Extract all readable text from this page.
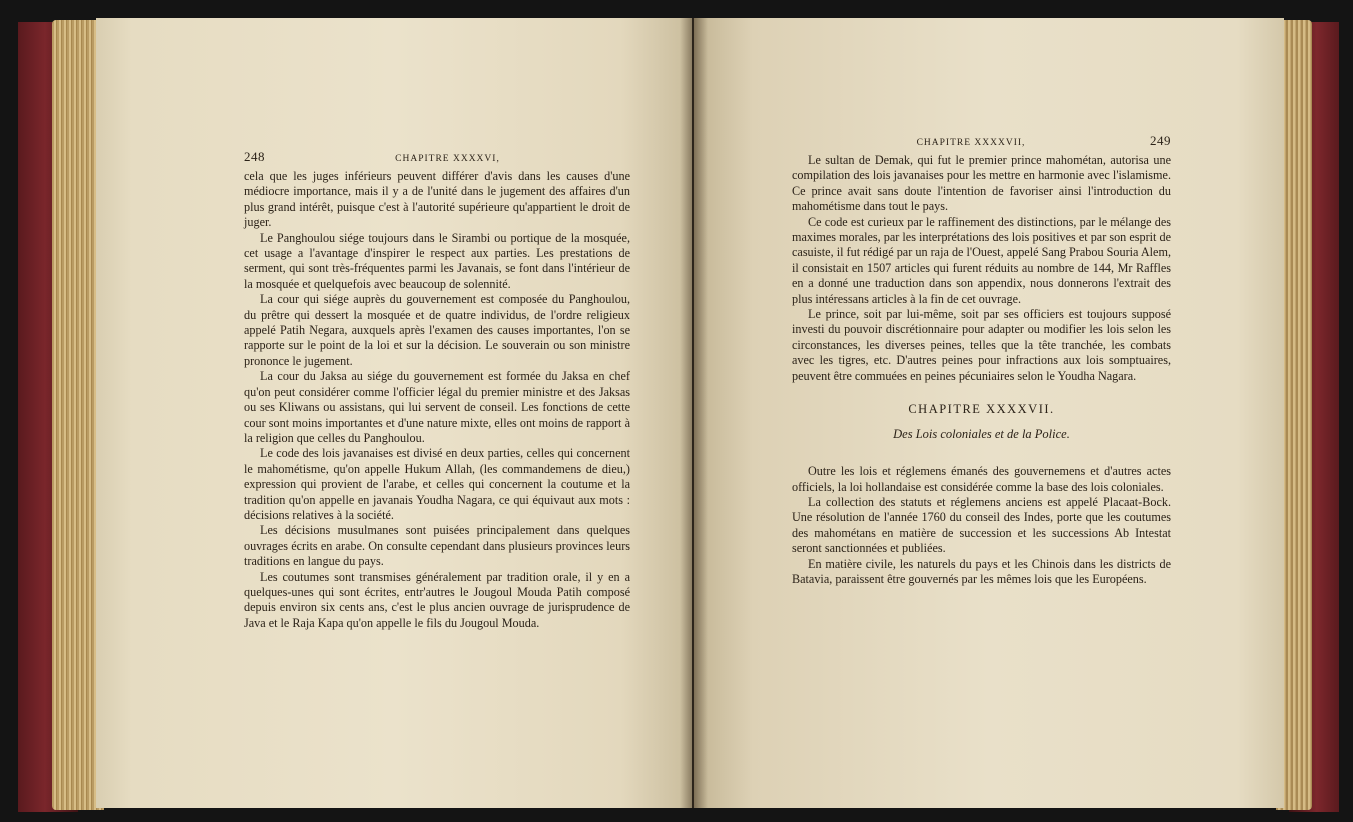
248	CHAPITRE XXXXVI,

cela que les juges inférieurs peuvent différer d'avis dans les causes d'une médiocre importance, mais il y a de l'unité dans le jugement des affaires d'un plus grand intérêt, puisque c'est à l'autorité supérieure qu'appartient le droit de juger.

Le Panghoulou siége toujours dans le Sirambi ou portique de la mosquée, cet usage a l'avantage d'inspirer le respect aux parties. Les prestations de serment, qui sont très-fréquentes parmi les Javanais, se font dans l'intérieur de la mosquée et quelquefois avec beaucoup de solennité.

La cour qui siége auprès du gouvernement est composée du Panghoulou, du prêtre qui dessert la mosquée et de quatre individus, de l'ordre religieux appelé Patih Negara, auxquels après l'examen des causes importantes, l'on se rapporte sur le point de la loi et sur la décision. Le souverain ou son ministre prononce le jugement.

La cour du Jaksa au siége du gouvernement est formée du Jaksa en chef qu'on peut considérer comme l'officier légal du premier ministre et des Jaksas ou ses Kliwans ou assistans, qui lui servent de conseil. Les fonctions de cette cour sont moins importantes et d'une nature mixte, elles ont moins de rapport à la religion que celles du Panghoulou.

Le code des lois javanaises est divisé en deux parties, celles qui concernent le mahométisme, qu'on appelle Hukum Allah, (les commandemens de dieu,) expression qui provient de l'arabe, et celles qui concernent la coutume et la tradition qu'on appelle en javanais Youdha Nagara, ce qui équivaut aux mots : décisions relatives à la société.

Les décisions musulmanes sont puisées principalement dans quelques ouvrages écrits en arabe. On consulte cependant dans plusieurs provinces leurs traditions en langue du pays.

Les coutumes sont transmises généralement par tradition orale, il y en a quelques-unes qui sont écrites, entr'autres le Jougoul Mouda Patih composé depuis environ six cents ans, c'est le plus ancien ouvrage de jurisprudence de Java et le Raja Kapa qu'on appelle le fils du Jougoul Mouda.

CHAPITRE XXXXVII,	249

Le sultan de Demak, qui fut le premier prince mahométan, autorisa une compilation des lois javanaises pour les mettre en harmonie avec l'islamisme. Ce prince avait sans doute l'intention de favoriser ainsi l'introduction du mahométisme dans tout le pays.

Ce code est curieux par le raffinement des distinctions, par le mélange des maximes morales, par les interprétations des lois positives et par son esprit de casuiste, il fut rédigé par un raja de l'Ouest, appelé Sang Prabou Souria Alem, il consistait en 1507 articles qui furent réduits au nombre de 144, Mr Raffles en a donné une traduction dans son appendix, nous donnerons l'extrait des plus intéressans articles à la fin de cet ouvrage.

Le prince, soit par lui-même, soit par ses officiers est toujours supposé investi du pouvoir discrétionnaire pour adapter ou modifier les lois selon les circonstances, les diverses peines, telles que la tête tranchée, les combats avec les tigres, etc. D'autres peines pour infractions aux lois somptuaires, peuvent être commuées en peines pécuniaires selon le Youdha Nagara.

CHAPITRE XXXXVII.
Des Lois coloniales et de la Police.

Outre les lois et réglemens émanés des gouvernemens et d'autres actes officiels, la loi hollandaise est considérée comme la base des lois coloniales.

La collection des statuts et réglemens anciens est appelé Placaat-Bock. Une résolution de l'année 1760 du conseil des Indes, porte que les coutumes des mahométans en matière de succession et les successions Ab Intestat seront sanctionnées et publiées.

En matière civile, les naturels du pays et les Chinois dans les districts de Batavia, paraissent être gouvernés par les mêmes lois que les Européens.
